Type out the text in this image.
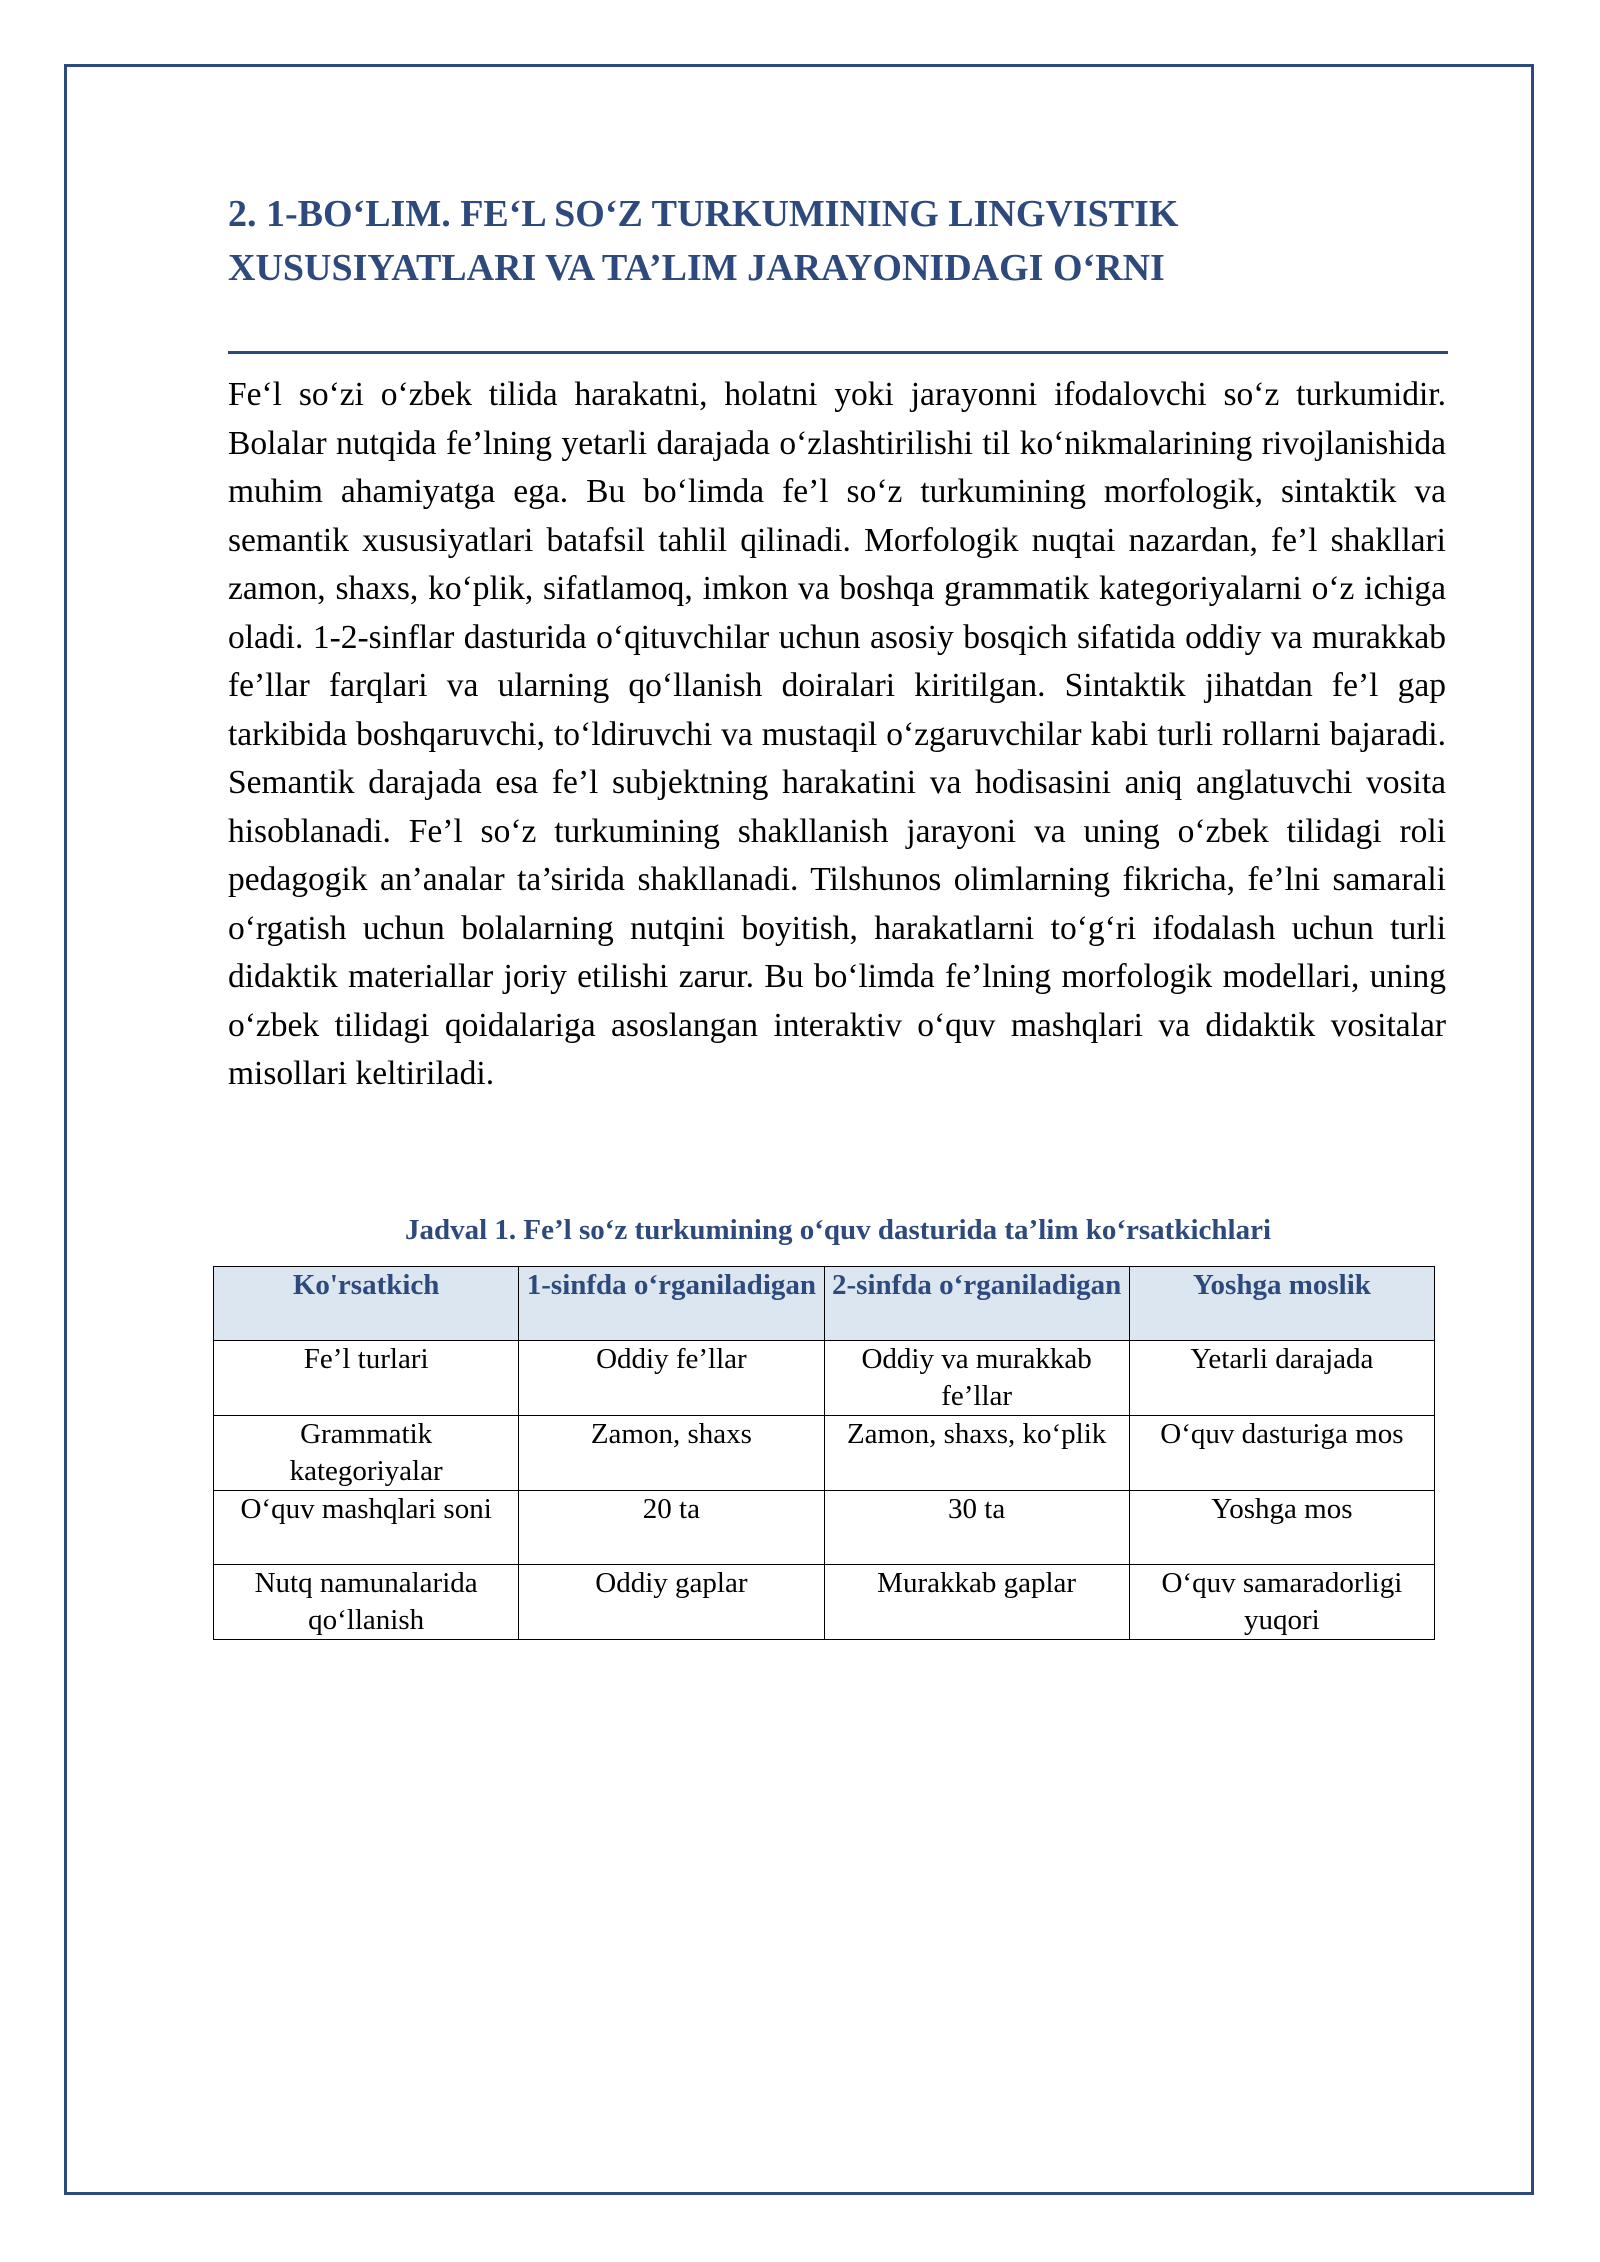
2. 1-BO‘LIM. FE‘L SO‘Z TURKUMINING LINGVISTIK
XUSUSIYATLARI VA TA’LIM JARAYONIDAGI O‘RNI

Fe‘l so‘zi o‘zbek tilida harakatni, holatni yoki jarayonni ifodalovchi so‘z turkumidir. Bolalar nutqida fe’lning yetarli darajada o‘zlashtirilishi til ko‘nikmalarining rivojlanishida muhim ahamiyatga ega. Bu bo‘limda fe’l so‘z turkumining morfologik, sintaktik va semantik xususiyatlari batafsil tahlil qilinadi. Morfologik nuqtai nazardan, fe’l shakllari zamon, shaxs, ko‘plik, sifatlamoq, imkon va boshqa grammatik kategoriyalarni o‘z ichiga oladi. 1-2-sinflar dasturida o‘qituvchilar uchun asosiy bosqich sifatida oddiy va murakkab fe’llar farqlari va ularning qo‘llanish doiralari kiritilgan. Sintaktik jihatdan fe’l gap tarkibida boshqaruvchi, to‘ldiruvchi va mustaqil o‘zgaruvchilar kabi turli rollarni bajaradi. Semantik darajada esa fe’l subjektning harakatini va hodisasini aniq anglatuvchi vosita hisoblanadi. Fe’l so‘z turkumining shakllanish jarayoni va uning o‘zbek tilidagi roli pedagogik an’analar ta’sirida shakllanadi. Tilshunos olimlarning fikricha, fe’lni samarali o‘rgatish uchun bolalarning nutqini boyitish, harakatlarni to‘g‘ri ifodalash uchun turli didaktik materiallar joriy etilishi zarur. Bu bo‘limda fe’lning morfologik modellari, uning o‘zbek tilidagi qoidalariga asoslangan interaktiv o‘quv mashqlari va didaktik vositalar misollari keltiriladi.

Jadval 1. Fe’l so‘z turkumining o‘quv dasturida ta’lim ko‘rsatkichlari
Ko'rsatkich	1-sinfda o‘rganiladigan	2-sinfda o‘rganiladigan	Yoshga moslik
Fe’l turlari	Oddiy fe’llar	Oddiy va murakkab fe’llar	Yetarli darajada
Grammatik kategoriyalar	Zamon, shaxs	Zamon, shaxs, ko‘plik	O‘quv dasturiga mos
O‘quv mashqlari soni	20 ta	30 ta	Yoshga mos
Nutq namunalarida qo‘llanish	Oddiy gaplar	Murakkab gaplar	O‘quv samaradorligi yuqori
